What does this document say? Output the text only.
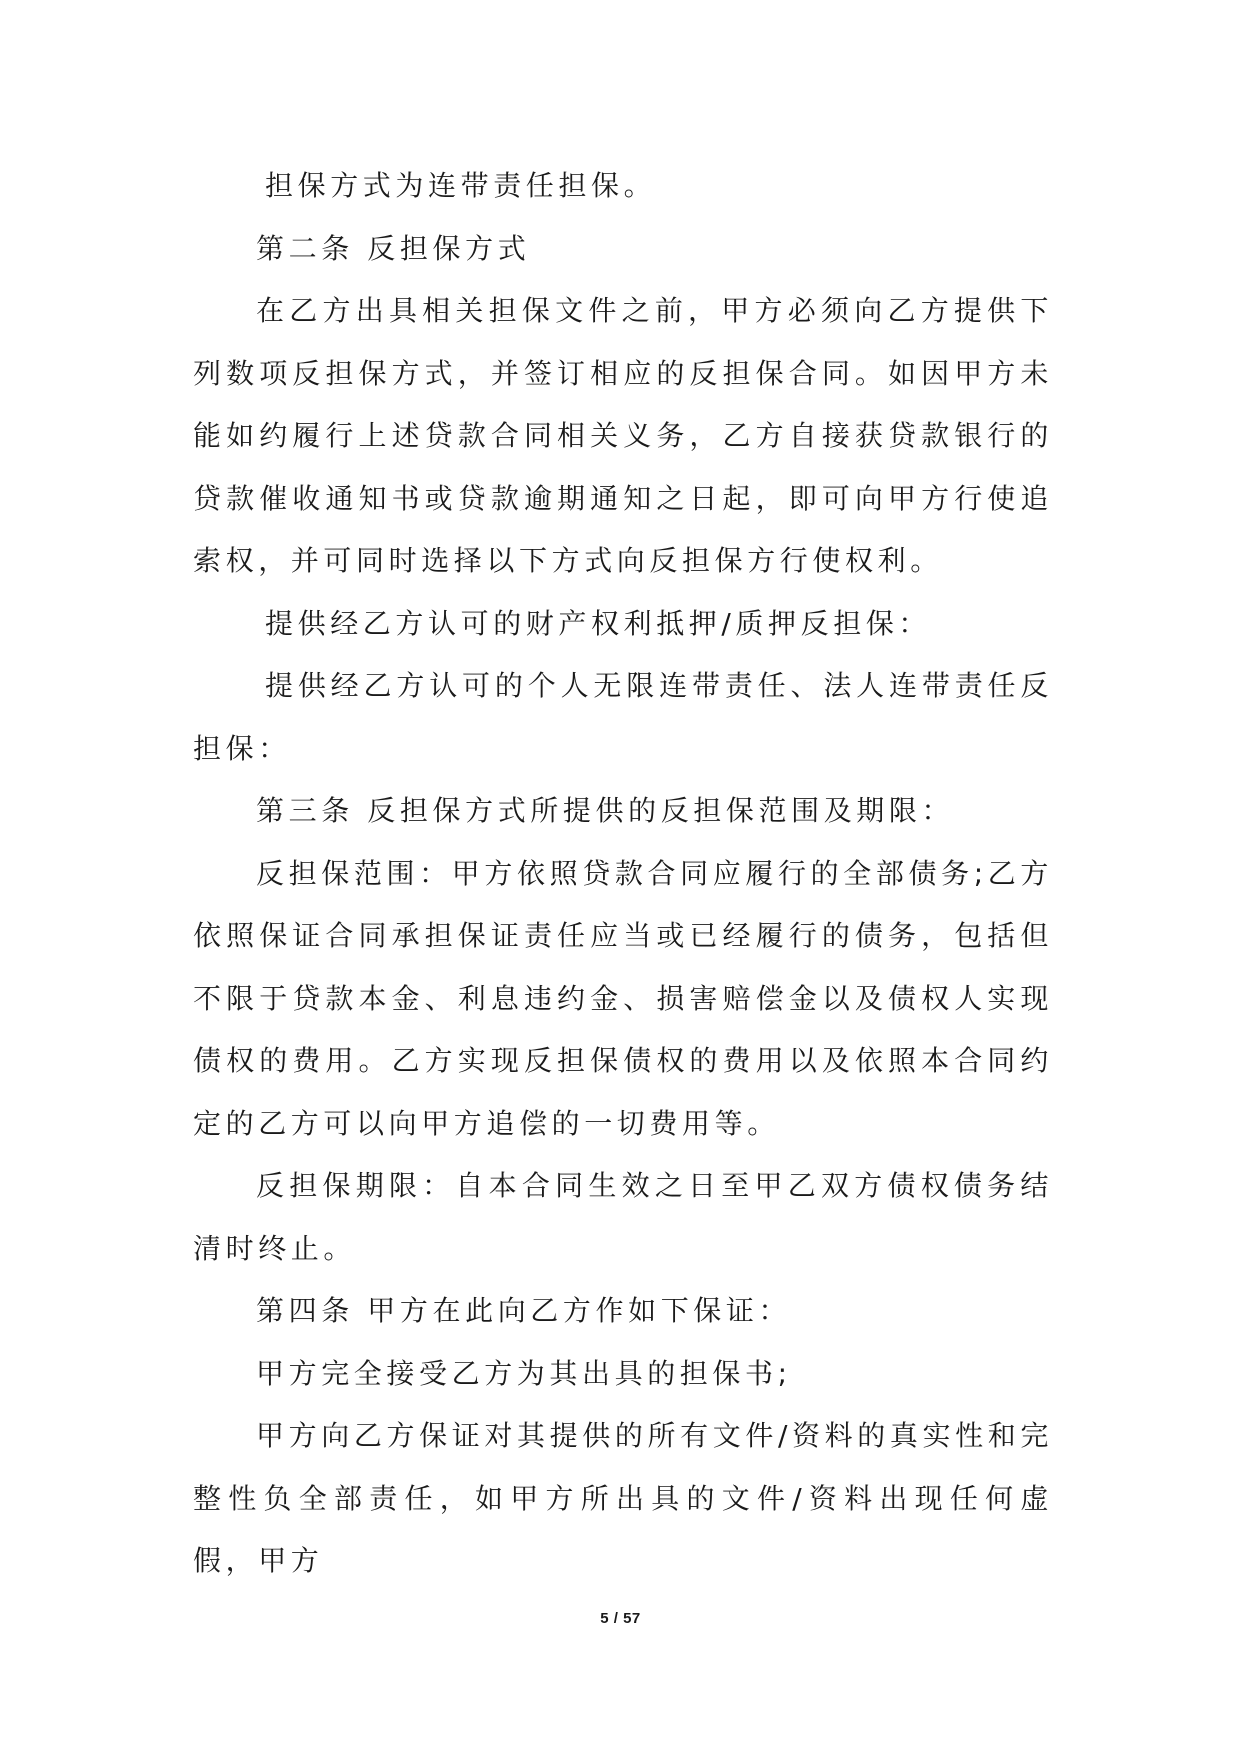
担保方式为连带责任担保。

第二条 反担保方式

在乙方出具相关担保文件之前，甲方必须向乙方提供下列数项反担保方式，并签订相应的反担保合同。如因甲方未能如约履行上述贷款合同相关义务，乙方自接获贷款银行的贷款催收通知书或贷款逾期通知之日起，即可向甲方行使追索权，并可同时选择以下方式向反担保方行使权利。

提供经乙方认可的财产权利抵押/质押反担保：

提供经乙方认可的个人无限连带责任、法人连带责任反担保：

第三条 反担保方式所提供的反担保范围及期限：

反担保范围：甲方依照贷款合同应履行的全部债务;乙方依照保证合同承担保证责任应当或已经履行的债务，包括但不限于贷款本金、利息违约金、损害赔偿金以及债权人实现债权的费用。乙方实现反担保债权的费用以及依照本合同约定的乙方可以向甲方追偿的一切费用等。

反担保期限：自本合同生效之日至甲乙双方债权债务结清时终止。

第四条 甲方在此向乙方作如下保证：

甲方完全接受乙方为其出具的担保书;

甲方向乙方保证对其提供的所有文件/资料的真实性和完整性负全部责任，如甲方所出具的文件/资料出现任何虚假，甲方

5 / 57
